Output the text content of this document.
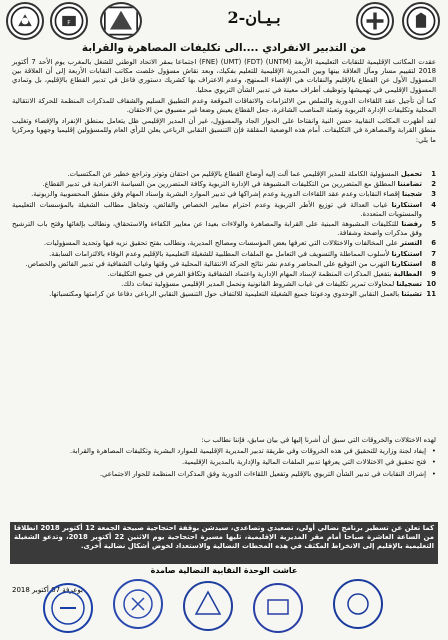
F	بـيـان-2
من التدبير الانفرادي ....الى تكليفات المصاهرة والقرابة

عقدت المكاتب الإقليمية للنقابات التعليمية الأربعة (UNTM) (FDT) (UMT) (FNE) اجتماعا بمقر الاتحاد الوطني للشغل بالمغرب يوم الأحد 7 أكتوبر 2018 لتقييم مسار ومآل العلاقة بينها وبين المديرية الإقليمية للتعليم بفكيك، وبعد نقاش مسؤول خلصت مكاتب النقابات الأربعة إلى أن العلاقة بين المسؤول الأول عن القطاع بالإقليم والنقابات هي الإقصاء الممنهج، وعدم الاعتراف بها كشريك دستوري فاعل في تدبير القطاع بالإقليم، بل وتمادي المسؤول الإقليمي في تهميشها وتوظيف أطراف معينة في تدبير الشأن التربوي محليا.

كما أن تأجيل عقد اللقاءات الدورية والتملص من الالتزامات والاتفاقات الموقعة وعدم التطبيق السليم والشفاف للمذكرات المنظمة للحركة الانتقالية المحلية وتكليفات الإدارة التربوية وتعبئة المناصب الشاغرة، جعل القطاع يعيش وضعا غير مسبوق من الاحتقان.

لقد أظهرت المكاتب النقابية حسن النية وانفتاحا على الحوار الجاد والمسؤول، غير أن المدير الإقليمي ظل يتعامل بمنطق الإنفراد والإقصاء وتغليب منطق القرابة والمصاهرة في التكليفات. أمام هذه الوضعية المقلقة فإن التنسيق النقابي الرباعي يعلن للرأي العام وللمسؤولين إقليميا وجهويا ومركزيا ما يلي:

1
تحميل المسؤولية الكاملة للمدير الإقليمي عما آلت إليه أوضاع القطاع بالإقليم من احتقان وتوتر وتراجع خطير عن المكتسبات.
2
تضامننا المطلق مع المتضررين من التكليفات المشبوهة في الإدارة التربوية وكافة المتضررين من السياسة الانفرادية في تدبير القطاع.
3
شجبنا إقصاء النقابات وعدم عقد اللقاءات الدورية وعدم إشراكها في تدبير الموارد البشرية وإسناد المهام وفق منطق المحسوبية والزبونية.
4
استنكارنا غياب العدالة في توزيع الأطر التربوية وعدم احترام معايير الخصاص والفائض، وتجاهل مطالب الشغيلة بالمؤسسات التعليمية والمستويات المتعددة.
5
رفضنا للتكليفات المشبوهة المبنية على القرابة والمصاهرة والولاءات بعيدا عن معايير الكفاءة والاستحقاق، ونطالب بإلغائها وفتح باب الترشيح وفق مذكرات واضحة وشفافة.
6
التستر على المخالفات والاختلالات التي تعرفها بعض المؤسسات ومصالح المديرية، ونطالب بفتح تحقيق نزيه فيها وتحديد المسؤوليات.
7
استنكارنا لأسلوب المماطلة والتسويف في التعامل مع الملفات المطلبية للشغيلة التعليمية بالإقليم وعدم الوفاء بالالتزامات السابقة.
8
استنكارنا التهرب من التوقيع على المحاضر وعدم نشر نتائج الحركة الانتقالية المحلية في وقتها وغياب الشفافية في تدبير الفائض والخصاص.
9
المطالبة بتفعيل المذكرات المنظمة لإسناد المهام الإدارية واعتماد الشفافية وتكافؤ الفرص في جميع التكليفات.
10
تسجيلنا لمحاولات تمرير تكليفات في غياب الشروط القانونية ونحمل المدير الإقليمي مسؤولية تبعات ذلك.
11
تشبثنا بالعمل النقابي الوحدوي ودعوتنا جميع الشغيلة التعليمية للالتفاف حول التنسيق النقابي الرباعي دفاعا عن كرامتها ومكتسباتها.

لهذه الاختلالات والخروقات التي سبق أن أشرنا إليها في بيان سابق، فإننا نطالب ب:

• إيفاد لجنة وزارية للتحقيق في هذه الخروقات وفي طريقة تدبير المديرية الإقليمية للموارد البشرية وتكليفات المصاهرة والقرابة.

• فتح تحقيق في الاختلالات التي يعرفها تدبير الملفات المالية والإدارية بالمديرية الإقليمية.

• إشراك النقابات في تدبير الشأن التربوي بالإقليم وتفعيل اللقاءات الدورية وفق المذكرات المنظمة للحوار الاجتماعي.

كما تعلن عن تسطير برنامج نضالي أولي، تصعيدي وتصاعدي، سيدشن بوقفة احتجاجية صبيحة الجمعة 12 أكتوبر 2018 انطلاقا من الساعة العاشرة صباحا أمام مقر المديرية الإقليمية، تليها مسيرة احتجاجية يوم الاثنين 22 أكتوبر 2018، وتدعو الشغيلة التعليمية بالإقليم إلى الانخراط المكثف في هذه المحطات النضالية والاستعداد لخوض أشكال نضالية أخرى.
عاشت الوحدة النقابية النضالية صامدة
بوعرفة 07 أكتوبر 2018
